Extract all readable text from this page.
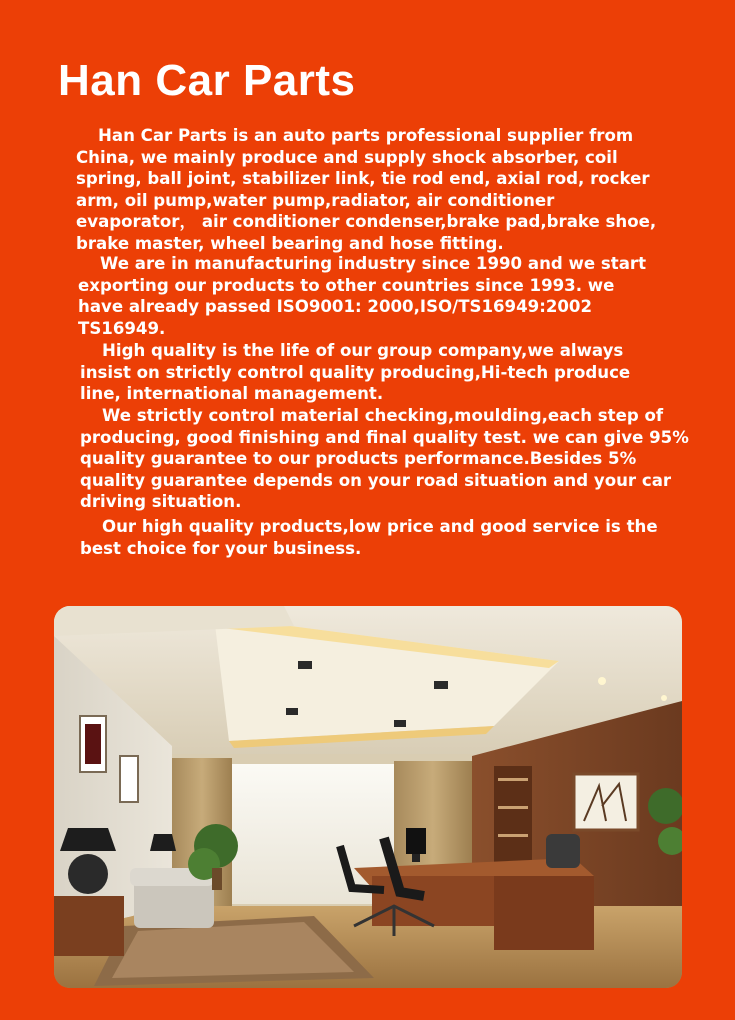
Han Car Parts

Han Car Parts is an auto parts professional supplier from China, we mainly produce and supply shock absorber, coil spring, ball joint, stabilizer link, tie rod end, axial rod, rocker arm, oil pump,water pump,radiator, air conditioner evaporator， air conditioner condenser,brake pad,brake shoe, brake master, wheel bearing and hose fitting.

We are in manufacturing industry since 1990 and we start exporting our products to other countries since 1993. we have already passed ISO9001: 2000,ISO/TS16949:2002 TS16949.

High quality is the life of our group company,we always insist on strictly control quality producing,Hi-tech produce line, international management.

We strictly control material checking,moulding,each step of producing, good finishing and final quality test. we can give 95% quality guarantee to our products performance.Besides 5% quality guarantee depends on your road situation and your car driving situation.

Our high quality products,low price and good service is the best choice for your business.
